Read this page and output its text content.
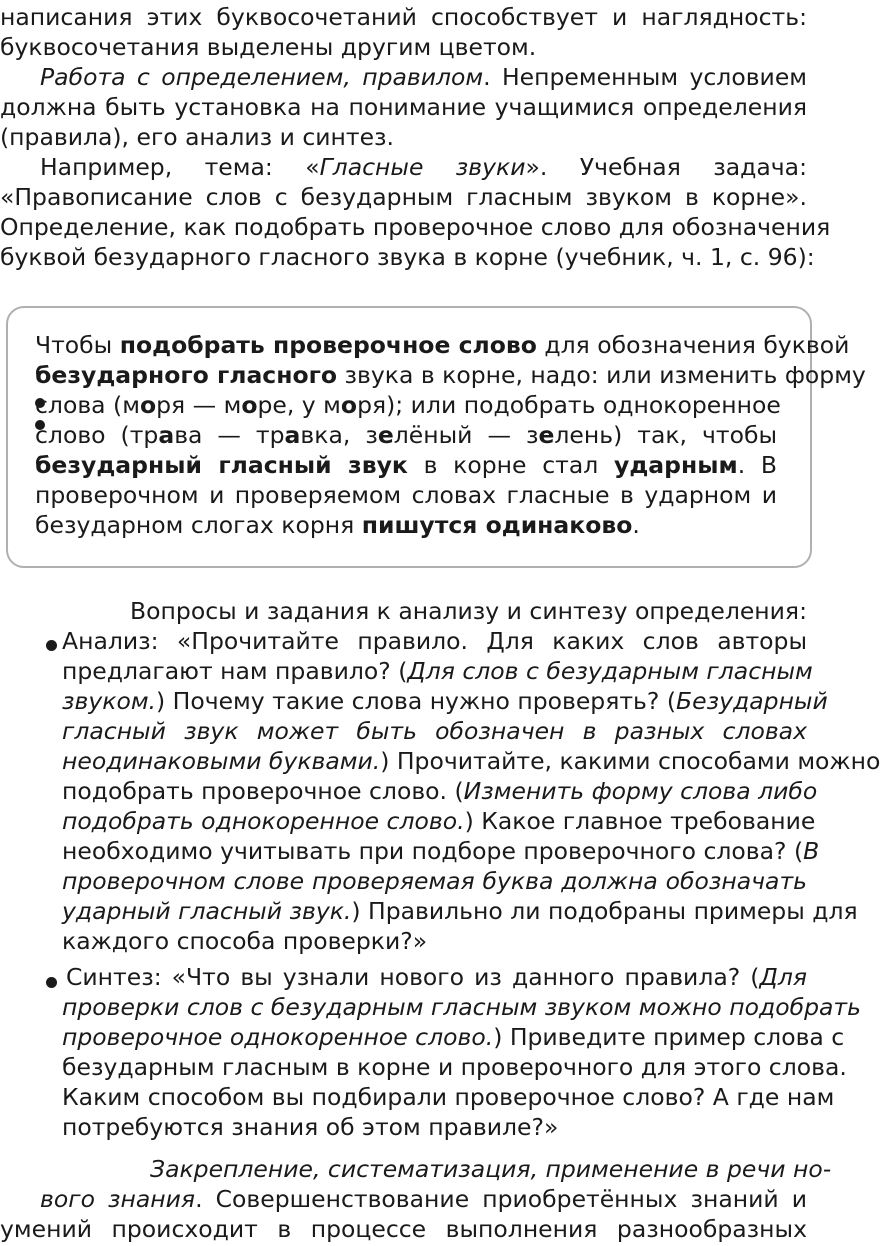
написания этих буквосочетаний способствует и наглядность:
буквосочетания выделены другим цветом.
Работа с определением, правилом. Непременным условием
должна быть установка на понимание учащимися определения
(правила), его анализ и синтез.
Например, тема: «Гласные звуки». Учебная задача:
«Правописание слов с безударным гласным звуком в корне».
Определение, как подобрать проверочное слово для обозначения
буквой безударного гласного звука в корне (учебник, ч. 1, с. 96):
Чтобы подобрать проверочное слово для обозначения буквой
безударного гласного звука в корне, надо: или изменить форму
слова (моря — море, у моря); или подобрать однокоренное
слово (трава — травка, зелёный — зелень) так, чтобы
безударный гласный звук в корне стал ударным. В
проверочном и проверяемом словах гласные в ударном и
безударном слогах корня пишутся одинаково.
Вопросы и задания к анализу и синтезу определения:
Анализ: «Прочитайте правило. Для каких слов авторы
предлагают нам правило? (Для слов с безударным гласным
звуком.) Почему такие слова нужно проверять? (Безударный
гласный звук может быть обозначен в разных словах
неодинаковыми буквами.) Прочитайте, какими способами можно
подобрать проверочное слово. (Изменить форму слова либо
подобрать однокоренное слово.) Какое главное требование
необходимо учитывать при подборе проверочного слова? (В
проверочном слове проверяемая буква должна обозначать
ударный гласный звук.) Правильно ли подобраны примеры для
каждого способа проверки?»
Синтез: «Что вы узнали нового из данного правила? (Для
проверки слов с безударным гласным звуком можно подобрать
проверочное однокоренное слово.) Приведите пример слова с
безударным гласным в корне и проверочного для этого слова.
Каким способом вы подбирали проверочное слово? А где нам
потребуются знания об этом правиле?»
Закрепление, систематизация, применение в речи но-
вого знания. Совершенствование приобретённых знаний и
умений происходит в процессе выполнения разнообразных
